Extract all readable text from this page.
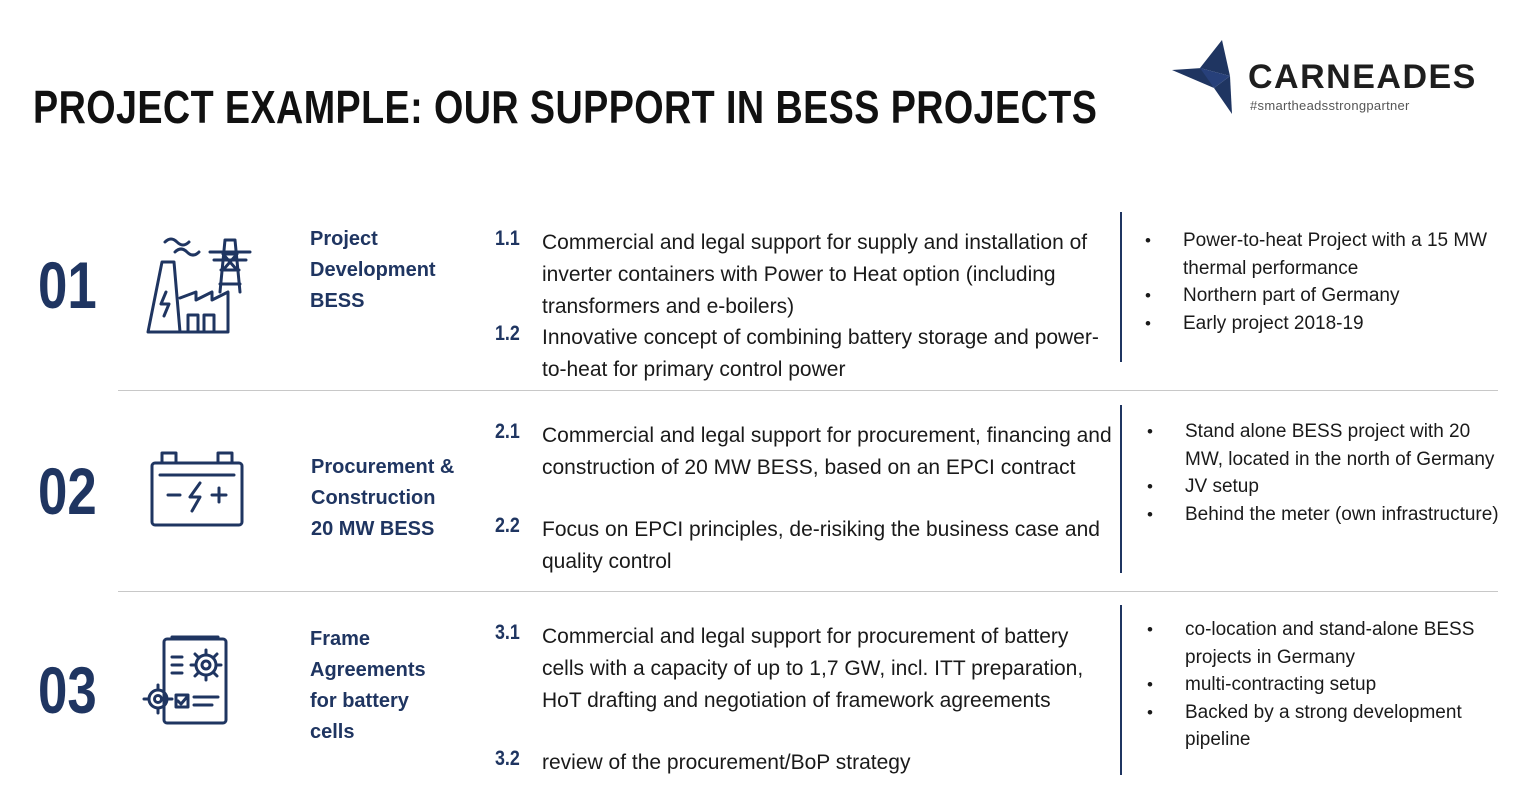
PROJECT EXAMPLE: OUR SUPPORT IN BESS PROJECTS
CARNEADES
#smartheadsstrongpartner
01
Project
Development
BESS
1.1 Commercial and legal support for supply and installation of inverter containers with Power to Heat option (including transformers and e-boilers)
1.2 Innovative concept of combining battery storage and power-to-heat for primary control power
• Power-to-heat Project with a 15 MW thermal performance
• Northern part of Germany
• Early project 2018-19
02	Procurement &
Construction
20 MW BESS
2.1 Commercial and legal support for procurement, financing and construction of 20 MW BESS, based on an EPCI contract
2.2 Focus on EPCI principles, de-risiking the business case and quality control
• Stand alone BESS project with 20 MW, located in the north of Germany
• JV setup
• Behind the meter (own infrastructure)
03
Frame
Agreements
for battery
cells
3.1 Commercial and legal support for procurement of battery cells with a capacity of up to 1,7 GW, incl. ITT preparation, HoT drafting and negotiation of framework agreements
3.2 review of the procurement/BoP strategy
• co-location and stand-alone BESS projects in Germany
• multi-contracting setup
• Backed by a strong development pipeline
